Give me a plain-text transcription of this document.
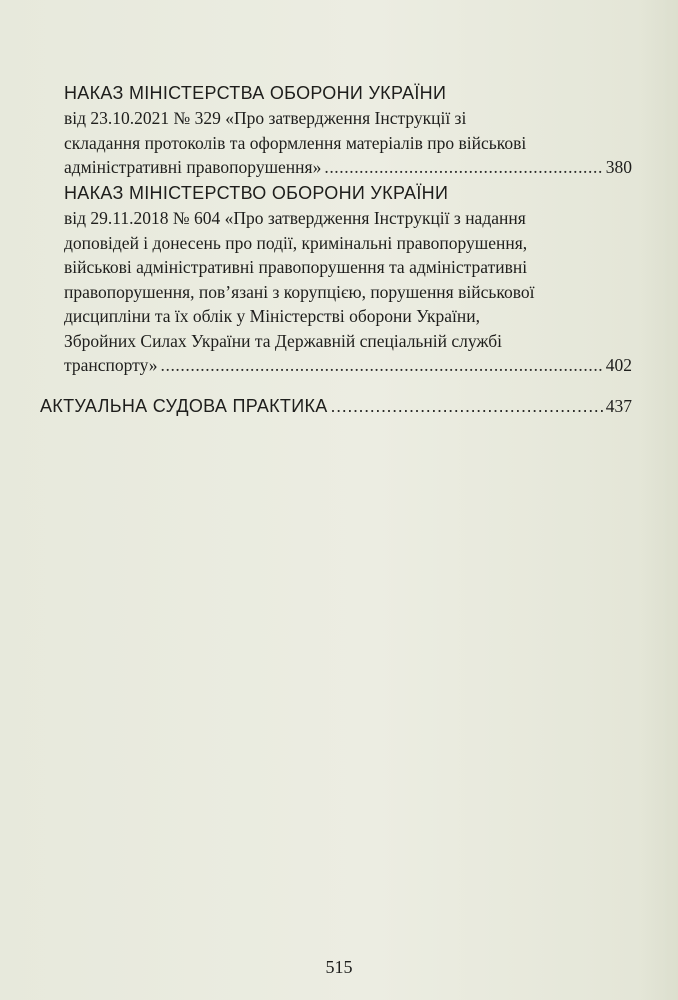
НАКАЗ МІНІСТЕРСТВА ОБОРОНИ УКРАЇНИ
від 23.10.2021 № 329 «Про затвердження Інструкції зі
складання протоколів та оформлення матеріалів про військові
адміністративні правопорушення» .....	380
НАКАЗ МІНІСТЕРСТВО ОБОРОНИ УКРАЇНИ
від 29.11.2018 № 604 «Про затвердження Інструкції з надання
доповідей і донесень про події, кримінальні правопорушення,
військові адміністративні правопорушення та адміністративні
правопорушення, пов’язані з корупцією, порушення військової
дисципліни та їх облік у Міністерстві оборони України,
Збройних Силах України та Державній спеціальній службі
транспорту» .....	402
АКТУАЛЬНА СУДОВА ПРАКТИКА .....	437
515
